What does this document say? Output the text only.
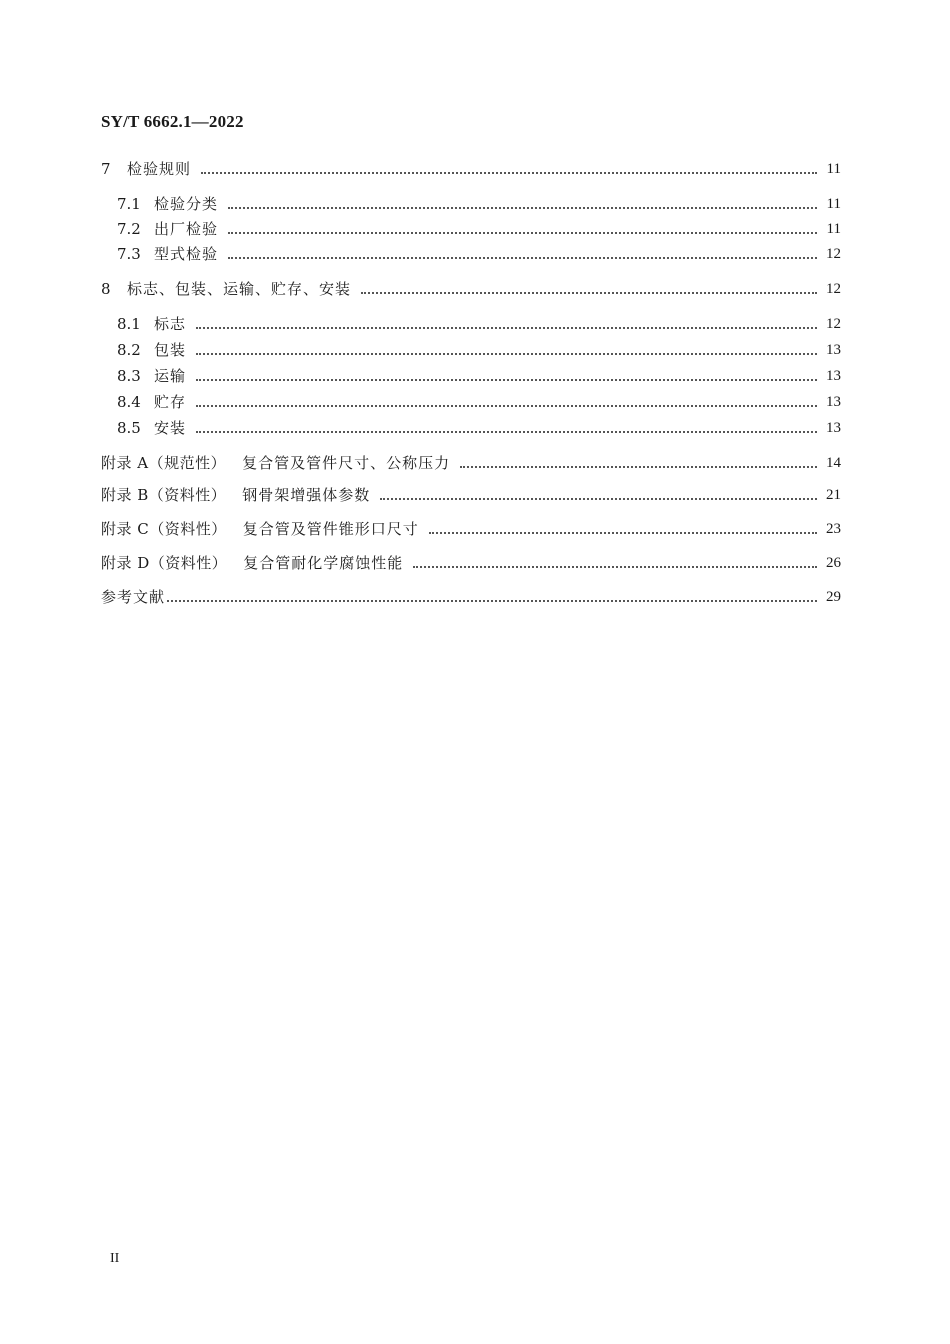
SY/T 6662.1—2022
7	检验规则	11
7.1 检验分类	11
7.2 出厂检验	11
7.3 型式检验	12
8	标志、包装、运输、贮存、安装	12
8.1 标志	12
8.2 包装	13
8.3 运输	13
8.4 贮存	13
8.5 安装	13
附录 A（规范性） 复合管及管件尺寸、公称压力	14
附录 B（资料性） 钢骨架增强体参数	21
附录 C（资料性） 复合管及管件锥形口尺寸	23
附录 D（资料性） 复合管耐化学腐蚀性能	26
参考文献	29
II
